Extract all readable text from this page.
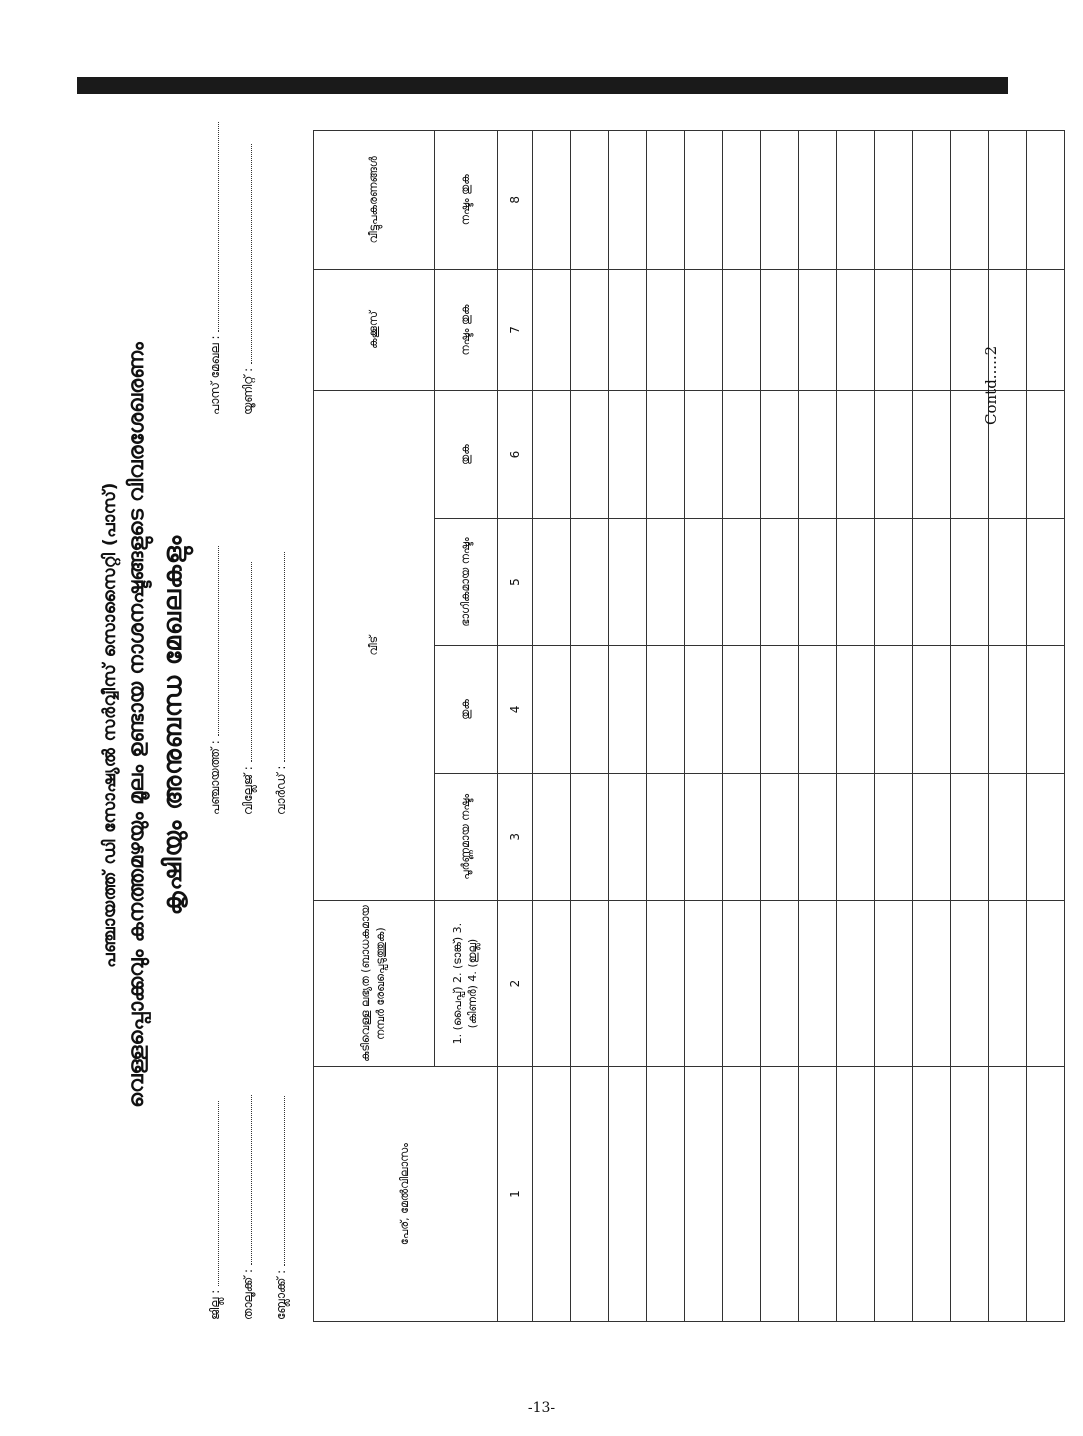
പഞ്ചായത്ത് ഡി സോഷ്യൽ സർവ്വീസ് സൊസൈറ്റി (പാസ്) വെള്ളപ്പൊക്കവും കനത്തമഴയും മൂലം ഉണ്ടായ നാശനഷ്ടങ്ങളുടെ വിവരശേഖരണം കൃഷിയും അനുബന്ധ മേഖലകളും
ജില്ല : താലൂക്ക് : ബ്ലോക്ക് :
പഞ്ചായത്ത് : വില്ലേജ് : വാർഡ് :
പാസ് മേഖല : യൂണിറ്റ് :
പേര്, മേൽവിലാസം	കുടിവെള്ള ലഭ്യത (ബാധകമായ നമ്പർ രേഖപ്പെടുത്തുക)	വീട്				കക്കൂസ്	വീട്ടുപകരണങ്ങൾ
	1. (പൈപ്പ്) 2. (ടാങ്ക്) 3. (കിണർ) 4. (ഇല്ല)	പൂർണ്ണമായ നഷ്ടം	തുക	ഭാഗികമായ നഷ്ടം	തുക	നഷ്ടം തുക	നഷ്ടം തുക
1	2	3	4	5	6	7	8

Contd.....2
-13-
